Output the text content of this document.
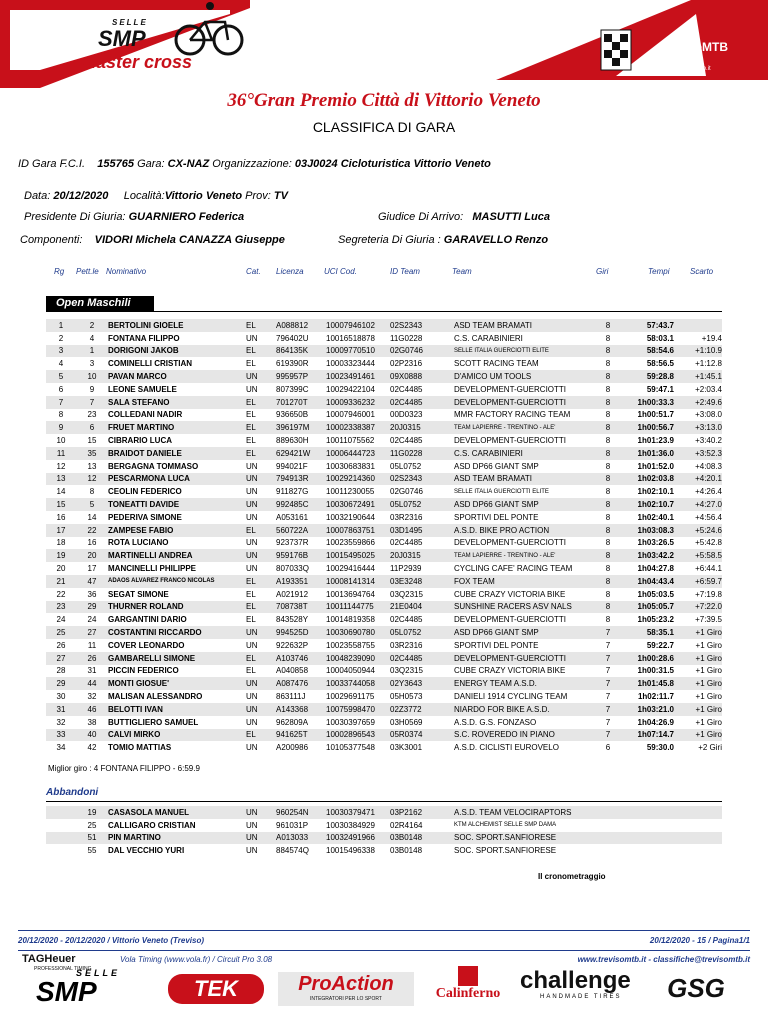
SELLE
SMP
master cross
TrevisoMTB
www.trevisomtb.it
36°Gran Premio Città di Vittorio Veneto
CLASSIFICA DI GARA
ID Gara F.C.I. 155765 Gara: CX-NAZ Organizzazione: 03J0024 Cicloturistica Vittorio Veneto
Data: 20/12/2020 Località:Vittorio Veneto Prov: TV
Presidente Di Giuria: GUARNIERO Federica	Giudice Di Arrivo: MASUTTI Luca
Componenti: VIDORI Michela CANAZZA Giuseppe	Segreteria Di Giuria : GARAVELLO Renzo
Rg Pett.le Nominativo	Cat. Licenza	UCI Cod.	ID Team	Team	Giri	Tempi	Scarto
Open Maschili
1	2	BERTOLINI GIOELE	EL	A088812	10007946102	02S2343	ASD TEAM BRAMATI	8	57:43.7	
2	4	FONTANA FILIPPO	UN	796402U	10016518878	11G0228	C.S. CARABINIERI	8	58:03.1	+19.4
3	1	DORIGONI JAKOB	EL	864135K	10009770510	02G0746	SELLE ITALIA GUERCIOTTI ELITE	8	58:54.6	+1:10.9
4	3	COMINELLI CRISTIAN	EL	619390R	10003323444	02P2316	SCOTT RACING TEAM	8	58:56.5	+1:12.8
5	10	PAVAN MARCO	UN	995957P	10023491461	09X0888	D'AMICO UM TOOLS	8	59:28.8	+1:45.1
6	9	LEONE SAMUELE	UN	807399C	10029422104	02C4485	DEVELOPMENT-GUERCIOTTI	8	59:47.1	+2:03.4
7	7	SALA STEFANO	EL	701270T	10009336232	02C4485	DEVELOPMENT-GUERCIOTTI	8	1h00:33.3	+2:49.6
8	23	COLLEDANI NADIR	EL	936650B	10007946001	00D0323	MMR FACTORY RACING TEAM	8	1h00:51.7	+3:08.0
9	6	FRUET MARTINO	EL	396197M	10002338387	20J0315	TEAM LAPIERRE - TRENTINO - ALE'	8	1h00:56.7	+3:13.0
10	15	CIBRARIO LUCA	EL	889630H	10011075562	02C4485	DEVELOPMENT-GUERCIOTTI	8	1h01:23.9	+3:40.2
11	35	BRAIDOT DANIELE	EL	629421W	10006444723	11G0228	C.S. CARABINIERI	8	1h01:36.0	+3:52.3
12	13	BERGAGNA TOMMASO	UN	994021F	10030683831	05L0752	ASD DP66 GIANT SMP	8	1h01:52.0	+4:08.3
13	12	PESCARMONA LUCA	UN	794913R	10029214360	02S2343	ASD TEAM BRAMATI	8	1h02:03.8	+4:20.1
14	8	CEOLIN FEDERICO	UN	911827G	10011230055	02G0746	SELLE ITALIA GUERCIOTTI ELITE	8	1h02:10.1	+4:26.4
15	5	TONEATTI DAVIDE	UN	992485C	10030672491	05L0752	ASD DP66 GIANT SMP	8	1h02:10.7	+4:27.0
16	14	PEDERIVA SIMONE	UN	A053161	10032190644	03R2316	SPORTIVI DEL PONTE	8	1h02:40.1	+4:56.4
17	22	ZAMPESE FABIO	EL	560722A	10007863751	03D1495	A.S.D. BIKE PRO ACTION	8	1h03:08.3	+5:24.6
18	16	ROTA LUCIANO	UN	923737R	10023559866	02C4485	DEVELOPMENT-GUERCIOTTI	8	1h03:26.5	+5:42.8
19	20	MARTINELLI ANDREA	UN	959176B	10015495025	20J0315	TEAM LAPIERRE - TRENTINO - ALE'	8	1h03:42.2	+5:58.5
20	17	MANCINELLI PHILIPPE	UN	807033Q	10029416444	11P2939	CYCLING CAFE' RACING TEAM	8	1h04:27.8	+6:44.1
21	47	ADAOS ALVAREZ FRANCO NICOLAS	EL	A193351	10008141314	03E3248	FOX TEAM	8	1h04:43.4	+6:59.7
22	36	SEGAT SIMONE	EL	A021912	10013694764	03Q2315	CUBE CRAZY VICTORIA BIKE	8	1h05:03.5	+7:19.8
23	29	THURNER ROLAND	EL	708738T	10011144775	21E0404	SUNSHINE RACERS ASV NALS	8	1h05:05.7	+7:22.0
24	24	GARGANTINI DARIO	EL	843528Y	10014819358	02C4485	DEVELOPMENT-GUERCIOTTI	8	1h05:23.2	+7:39.5
25	27	COSTANTINI RICCARDO	UN	994525D	10030690780	05L0752	ASD DP66 GIANT SMP	7	58:35.1	+1 Giro
26	11	COVER LEONARDO	UN	922632P	10023558755	03R2316	SPORTIVI DEL PONTE	7	59:22.7	+1 Giro
27	26	GAMBARELLI SIMONE	EL	A103746	10048239090	02C4485	DEVELOPMENT-GUERCIOTTI	7	1h00:28.6	+1 Giro
28	31	PICCIN FEDERICO	EL	A040858	10004050944	03Q2315	CUBE CRAZY VICTORIA BIKE	7	1h00:31.5	+1 Giro
29	44	MONTI GIOSUE'	UN	A087476	10033744058	02Y3643	ENERGY TEAM A.S.D.	7	1h01:45.8	+1 Giro
30	32	MALISAN ALESSANDRO	UN	863111J	10029691175	05H0573	DANIELI 1914 CYCLING TEAM	7	1h02:11.7	+1 Giro
31	46	BELOTTI IVAN	UN	A143368	10075998470	02Z3772	NIARDO FOR BIKE A.S.D.	7	1h03:21.0	+1 Giro
32	38	BUTTIGLIERO SAMUEL	UN	962809A	10030397659	03H0569	A.S.D. G.S. FONZASO	7	1h04:26.9	+1 Giro
33	40	CALVI MIRKO	EL	941625T	10002896543	05R0374	S.C. ROVEREDO IN PIANO	7	1h07:14.7	+1 Giro
34	42	TOMIO MATTIAS	UN	A200986	10105377548	03K3001	A.S.D. CICLISTI EUROVELO	6	59:30.0	+2 Giri
Miglior giro : 4 FONTANA FILIPPO - 6:59.9
Abbandoni
	19	CASASOLA MANUEL	UN	960254N	10030379471	03P2162	A.S.D. TEAM VELOCIRAPTORS			
	25	CALLIGARO CRISTIAN	UN	961031P	10030384929	02R4164	KTM ALCHEMIST SELLE SMP DAMA			
	51	PIN MARTINO	UN	A013033	10032491966	03B0148	SOC. SPORT.SANFIORESE			
	55	DAL VECCHIO YURI	UN	884574Q	10015496338	03B0148	SOC. SPORT.SANFIORESE			
Il cronometraggio
20/12/2020 - 20/12/2020 / Vittorio Veneto (Treviso)	20/12/2020 - 15 / Pagina1/1
TAGHeuer
PROFESSIONAL TIMING
Vola Timing (www.vola.fr) / Circuit Pro 3.08	www.trevisomtb.it - classifiche@trevisomtb.it
SELLE
SMP	TEK	ProAction
INTEGRATORI PER LO SPORT	Calinferno challenge
HANDMADE TIRES	GSG
